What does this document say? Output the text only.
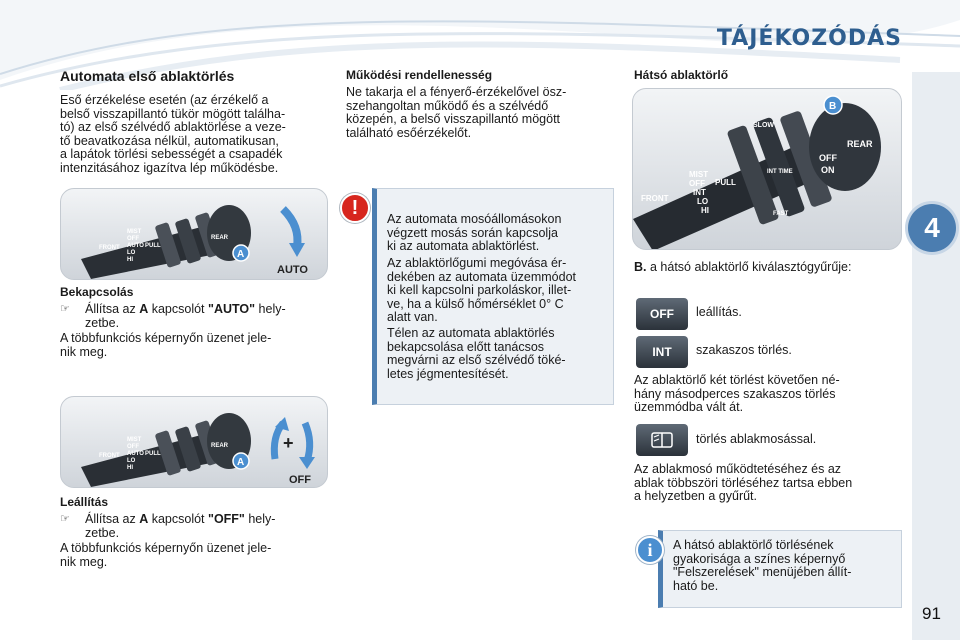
TÁJÉKOZÓDÁS
4
91
Automata első ablaktörlés
Eső érzékelése esetén (az érzékelő a
belső visszapillantó tükör mögött találha-
tó) az első szélvédő ablaktörlése a veze-
tő beavatkozása nélkül, automatikusan,
a lapátok törlési sebességét a csapadék
intenzitásához igazítva lép működésbe.
MIST
OFF
AUTO PULL
LO
HI
FRONT
REAR
A
AUTO
Bekapcsolás
☞ Állítsa az A kapcsolót "AUTO" hely-
zetbe.
A többfunkciós képernyőn üzenet jele-
nik meg.
MIST
OFF
AUTO PULL
LO
HI
FRONT
REAR
A
+
OFF
Leállítás
☞ Állítsa az A kapcsolót "OFF" hely-
zetbe.
A többfunkciós képernyőn üzenet jele-
nik meg.
Működési rendellenesség
Ne takarja el a fényerő-érzékelővel ösz-
szehangoltan működő és a szélvédő
közepén, a belső visszapillantó mögött
található esőérzékelőt.
Az automata mosóállomásokon
végzett mosás során kapcsolja
ki az automata ablaktörlést.
Az ablaktörlőgumi megóvása ér-
dekében az automata üzemmódot
ki kell kapcsolni parkoláskor, illet-
ve, ha a külső hőmérséklet 0° C
alatt van.
Télen az automata ablaktörlés
bekapcsolása előtt tanácsos
megvárni az első szélvédő töké-
letes jégmentesítését.
!
Hátsó ablaktörlő
SLOW
MIST
OFF
INT
LO
HI
FRONT
PULL
INT TIME
FAST
OFF
ON
REAR
B
B. a hátsó ablaktörlő kiválasztógyűrűje:
OFF	leállítás.
INT	szakaszos törlés.
Az ablaktörlő két törlést követően né-
hány másodperces szakaszos törlés
üzemmódba vált át.
törlés ablakmosással.
Az ablakmosó működtetéséhez és az
ablak többszöri törléséhez tartsa ebben
a helyzetben a gyűrűt.
A hátsó ablaktörlő törlésének
gyakorisága a színes képernyő
"Felszerelések" menüjében állít-
ható be.
i
